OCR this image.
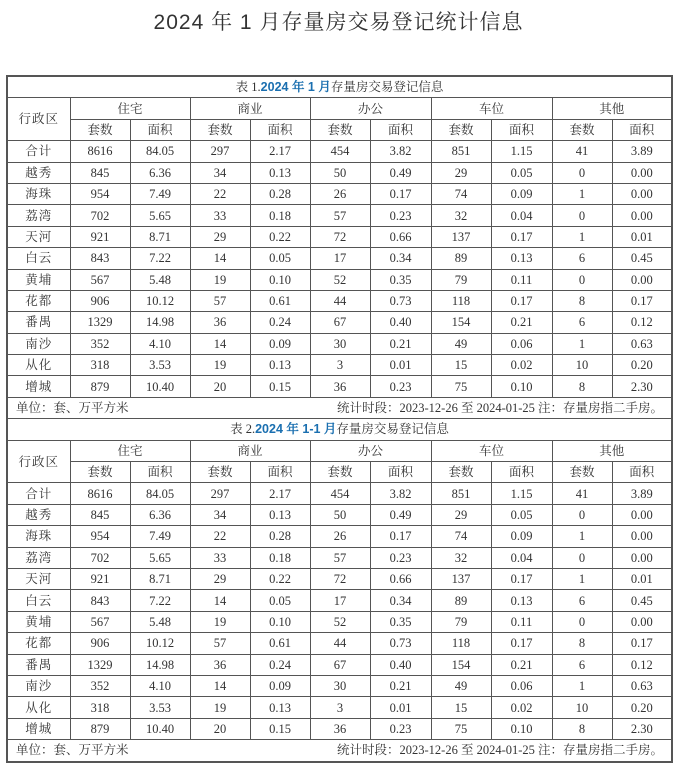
2024 年 1 月存量房交易登记统计信息
表 1.2024 年 1 月存量房交易登记信息										
行政区	住宅		商业		办公		车位		其他	
	套数	面积	套数	面积	套数	面积	套数	面积	套数	面积
合计	8616	84.05	297	2.17	454	3.82	851	1.15	41	3.89
越秀	845	6.36	34	0.13	50	0.49	29	0.05	0	0.00
海珠	954	7.49	22	0.28	26	0.17	74	0.09	1	0.00
荔湾	702	5.65	33	0.18	57	0.23	32	0.04	0	0.00
天河	921	8.71	29	0.22	72	0.66	137	0.17	1	0.01
白云	843	7.22	14	0.05	17	0.34	89	0.13	6	0.45
黄埔	567	5.48	19	0.10	52	0.35	79	0.11	0	0.00
花都	906	10.12	57	0.61	44	0.73	118	0.17	8	0.17
番禺	1329	14.98	36	0.24	67	0.40	154	0.21	6	0.12
南沙	352	4.10	14	0.09	30	0.21	49	0.06	1	0.63
从化	318	3.53	19	0.13	3	0.01	15	0.02	10	0.20
增城	879	10.40	20	0.15	36	0.23	75	0.10	8	2.30

单位：套、万平方米 统计时段：2023-12-26 至 2024-01-25 注：存量房指二手房。										

表 2.2024 年 1-1 月存量房交易登记信息										
行政区	住宅		商业		办公		车位		其他	
	套数	面积	套数	面积	套数	面积	套数	面积	套数	面积
合计	8616	84.05	297	2.17	454	3.82	851	1.15	41	3.89
越秀	845	6.36	34	0.13	50	0.49	29	0.05	0	0.00
海珠	954	7.49	22	0.28	26	0.17	74	0.09	1	0.00
荔湾	702	5.65	33	0.18	57	0.23	32	0.04	0	0.00
天河	921	8.71	29	0.22	72	0.66	137	0.17	1	0.01
白云	843	7.22	14	0.05	17	0.34	89	0.13	6	0.45
黄埔	567	5.48	19	0.10	52	0.35	79	0.11	0	0.00
花都	906	10.12	57	0.61	44	0.73	118	0.17	8	0.17
番禺	1329	14.98	36	0.24	67	0.40	154	0.21	6	0.12
南沙	352	4.10	14	0.09	30	0.21	49	0.06	1	0.63
从化	318	3.53	19	0.13	3	0.01	15	0.02	10	0.20
增城	879	10.40	20	0.15	36	0.23	75	0.10	8	2.30

单位：套、万平方米 统计时段：2023-12-26 至 2024-01-25 注：存量房指二手房。										
